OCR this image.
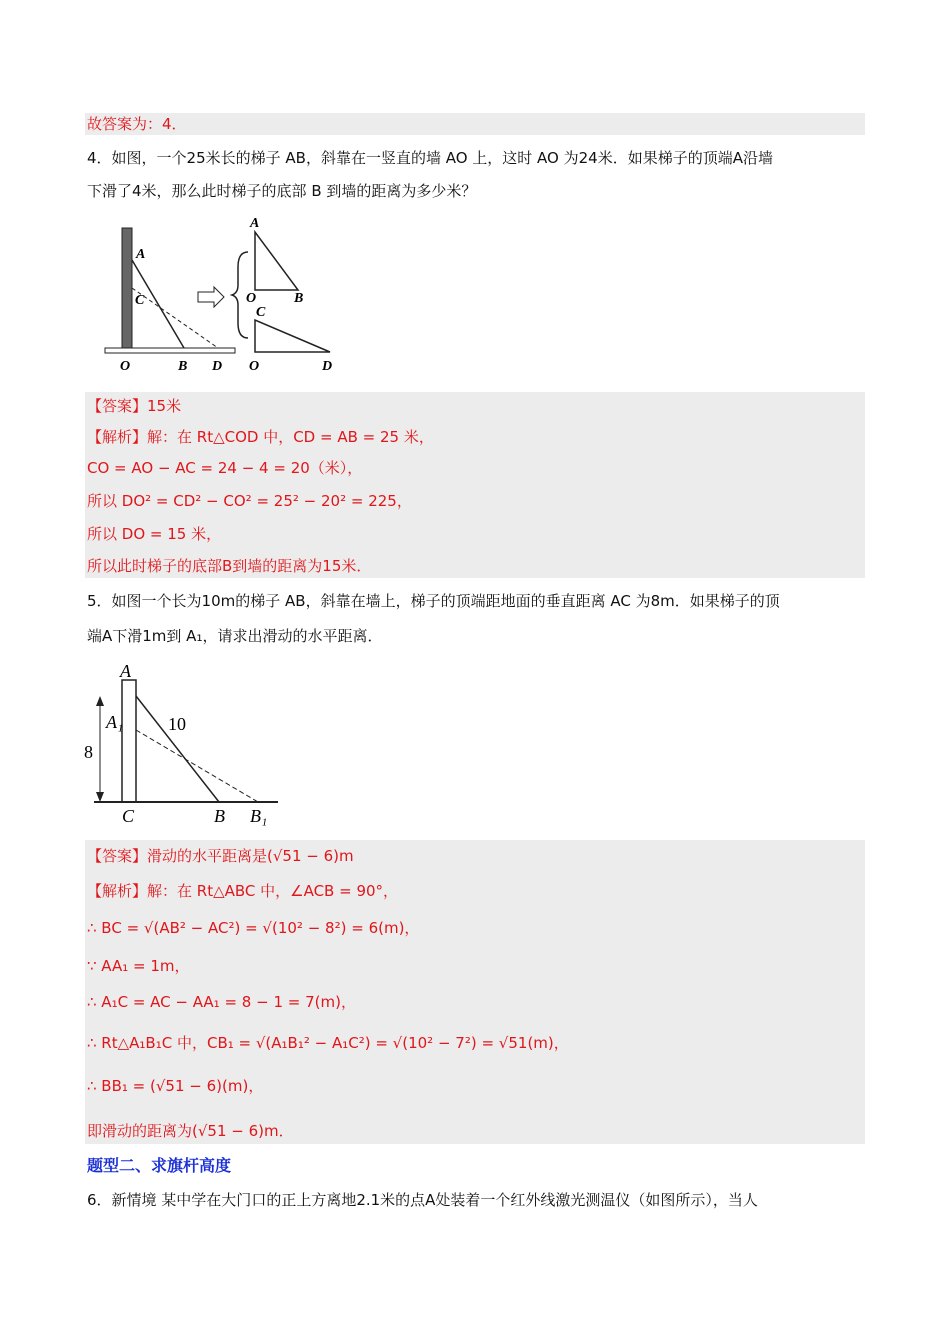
故答案为：4．
4．如图，一个25米长的梯子 AB，斜靠在一竖直的墙 AO 上，这时 AO 为24米．如果梯子的顶端A沿墙
下滑了4米，那么此时梯子的底部 B 到墙的距离为多少米？
A
C
O	B D
A
O	B
C
O	D
【答案】15米
【解析】解：在 Rt△COD 中，CD = AB = 25 米，
CO = AO − AC = 24 − 4 = 20（米），
所以 DO² = CD² − CO² = 25² − 20² = 225，
所以 DO = 15 米，
所以此时梯子的底部B到墙的距离为15米．
5．如图一个长为10m的梯子 AB，斜靠在墙上，梯子的顶端距地面的垂直距离 AC 为8m．如果梯子的顶
端A下滑1m到 A₁，请求出滑动的水平距离．
A
A₁ 10
8
C	B B₁
【答案】滑动的水平距离是(√51 − 6)m
【解析】解：在 Rt△ABC 中，∠ACB = 90°，
∴ BC = √(AB² − AC²) = √(10² − 8²) = 6(m)，
∵ AA₁ = 1m，
∴ A₁C = AC − AA₁ = 8 − 1 = 7(m)，
∴ Rt△A₁B₁C 中，CB₁ = √(A₁B₁² − A₁C²) = √(10² − 7²) = √51(m)，
∴ BB₁ = (√51 − 6)(m)，
即滑动的距离为(√51 − 6)m．
题型二、求旗杆高度
6．新情境 某中学在大门口的正上方离地2.1米的点A处装着一个红外线激光测温仪（如图所示），当人
